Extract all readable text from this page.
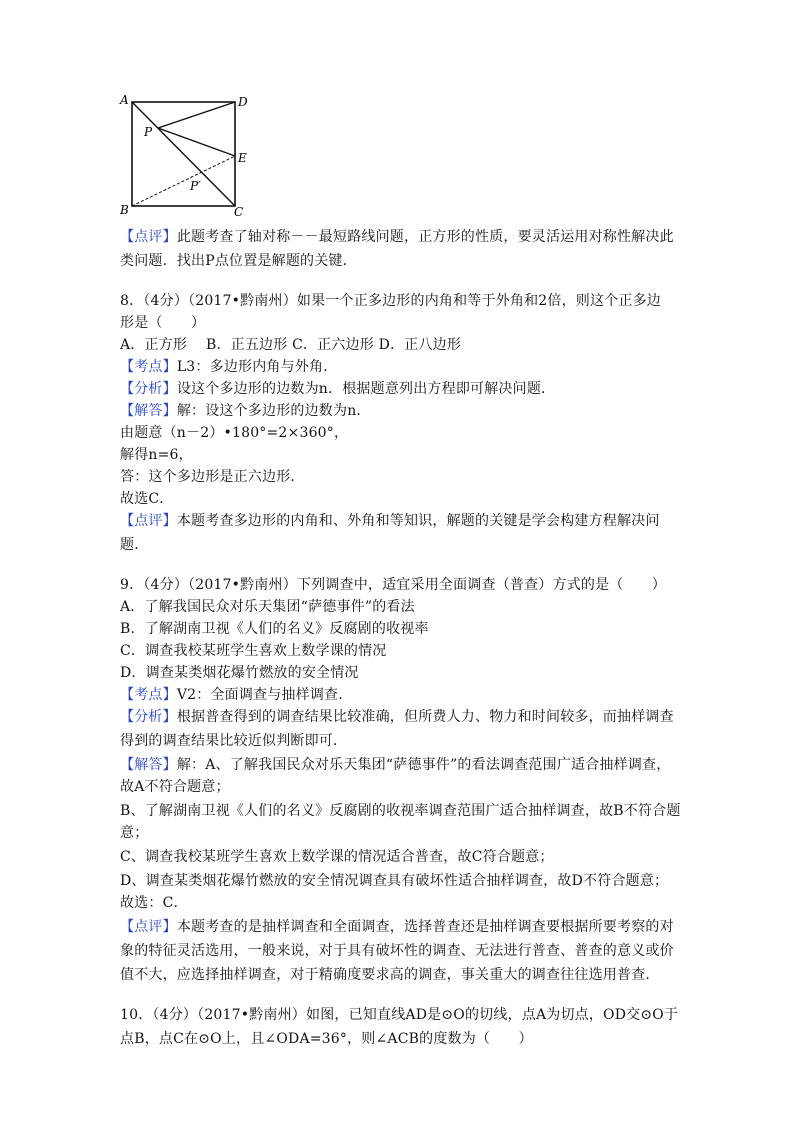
A	D
P
E
P′
B	C
【点评】此题考查了轴对称－－最短路线问题，正方形的性质，要灵活运用对称性解决此
类问题．找出P点位置是解题的关键．
8．（4分）（2017•黔南州）如果一个正多边形的内角和等于外角和2倍，则这个正多边
形是（　　）
A．正方形　 B．正五边形 C．正六边形 D．正八边形
【考点】L3：多边形内角与外角．
【分析】设这个多边形的边数为n．根据题意列出方程即可解决问题．
【解答】解：设这个多边形的边数为n．
由题意（n－2）•180°=2×360°，
解得n=6，
答：这个多边形是正六边形．
故选C．
【点评】本题考查多边形的内角和、外角和等知识，解题的关键是学会构建方程解决问
题．
9．（4分）（2017•黔南州）下列调查中，适宜采用全面调查（普查）方式的是（　　）
A．了解我国民众对乐天集团“萨德事件”的看法
B．了解湖南卫视《人们的名义》反腐剧的收视率
C．调查我校某班学生喜欢上数学课的情况
D．调查某类烟花爆竹燃放的安全情况
【考点】V2：全面调查与抽样调查．
【分析】根据普查得到的调查结果比较准确，但所费人力、物力和时间较多，而抽样调查
得到的调查结果比较近似判断即可．
【解答】解：A、了解我国民众对乐天集团“萨德事件”的看法调查范围广适合抽样调查，
故A不符合题意；
B、了解湖南卫视《人们的名义》反腐剧的收视率调查范围广适合抽样调查，故B不符合题
意；
C、调查我校某班学生喜欢上数学课的情况适合普查，故C符合题意；
D、调查某类烟花爆竹燃放的安全情况调查具有破坏性适合抽样调查，故D不符合题意；
故选：C．
【点评】本题考查的是抽样调查和全面调查，选择普查还是抽样调查要根据所要考察的对
象的特征灵活选用，一般来说，对于具有破坏性的调查、无法进行普查、普查的意义或价
值不大，应选择抽样调查，对于精确度要求高的调查，事关重大的调查往往选用普查．
10．（4分）（2017•黔南州）如图，已知直线AD是⊙O的切线，点A为切点，OD交⊙O于
点B，点C在⊙O上，且∠ODA=36°，则∠ACB的度数为（　　）
